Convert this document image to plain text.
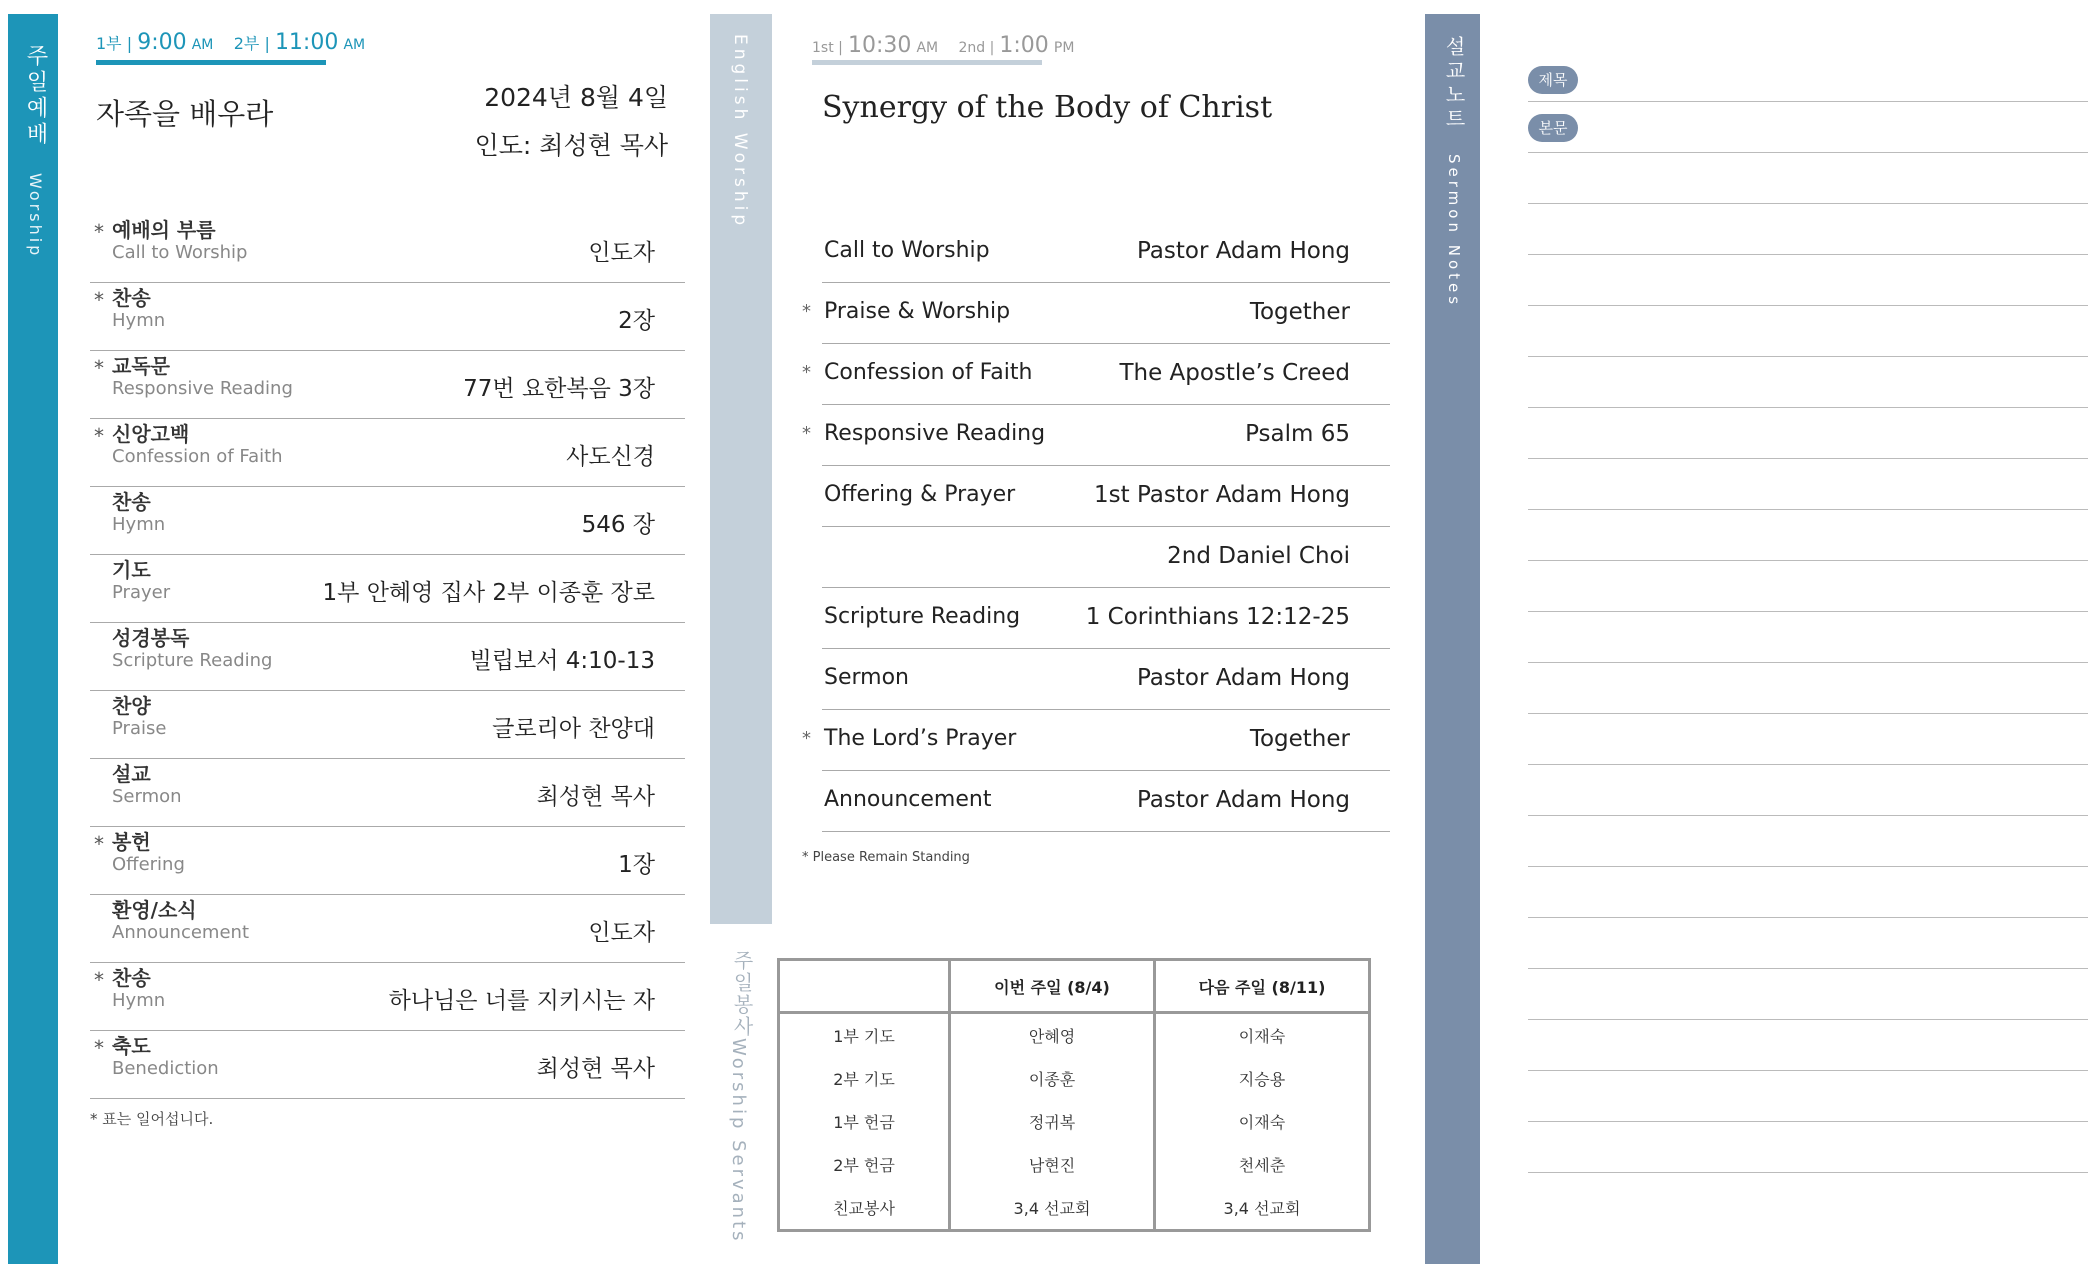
주일예배 Worship
1부 | 9:00 AM 2부 | 11:00 AM
자족을 배우라	2024년 8월 4일
인도: 최성현 목사
* 예배의 부름
Call to Worship	인도자
* 찬송
Hymn	2장
* 교독문
Responsive Reading	77번 요한복음 3장
* 신앙고백
Confession of Faith	사도신경
찬송
Hymn	546 장
기도
Prayer	1부 안혜영 집사 2부 이종훈 장로
성경봉독
Scripture Reading	빌립보서 4:10-13
찬양
Praise	글로리아 찬양대
설교
Sermon	최성현 목사
* 봉헌
Offering	1장
환영/소식
Announcement	인도자
* 찬송
Hymn	하나님은 너를 지키시는 자
* 축도
Benediction	최성현 목사
* 표는 일어섭니다.
English Worship	1st | 10:30 AM 2nd | 1:00 PM
Synergy of the Body of Christ
Call to Worship	Pastor Adam Hong
* Praise & Worship	Together
* Confession of Faith	The Apostle’s Creed
* Responsive Reading	Psalm 65
Offering & Prayer	1st Pastor Adam Hong
2nd Daniel Choi
Scripture Reading	1 Corinthians 12:12-25
Sermon	Pastor Adam Hong
* The Lord’s Prayer	Together
Announcement	Pastor Adam Hong
* Please Remain Standing
주일봉사
Worship Servants
	이번 주일 (8/4)	다음 주일 (8/11)
1부 기도	안혜영	이재숙
2부 기도	이종훈	지승용
1부 헌금	정귀복	이재숙
2부 헌금	남현진	천세춘
친교봉사	3,4 선교회	3,4 선교회
설교노트 Sermon Notes
제목
본문
